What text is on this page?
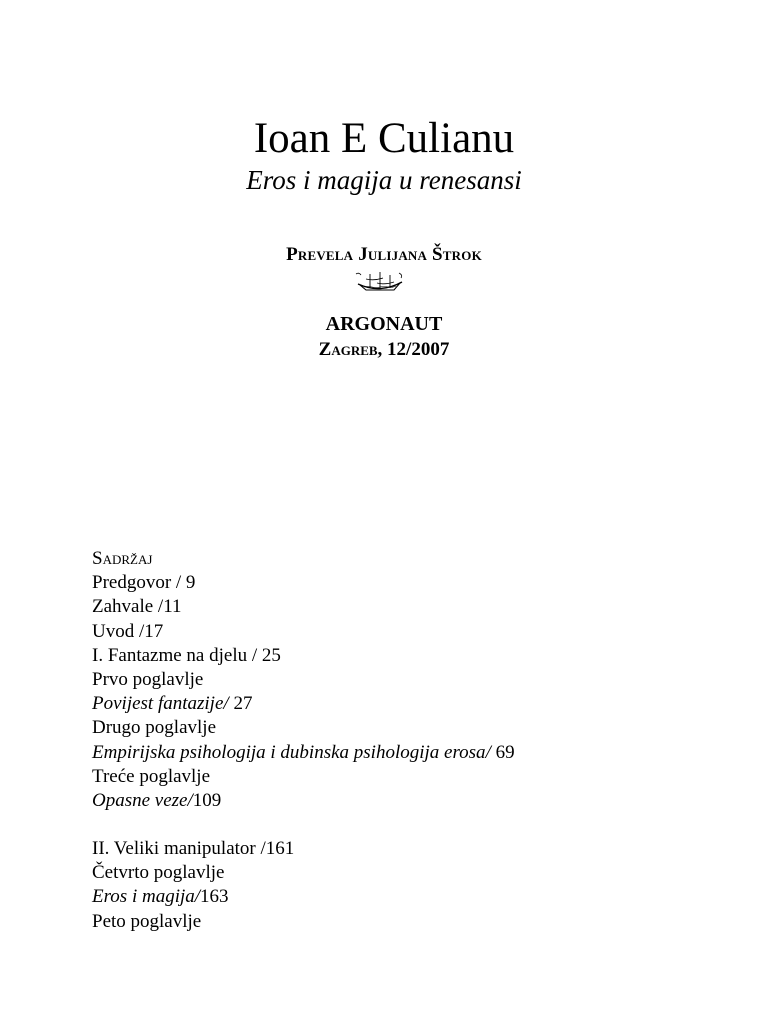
Ioan E Culianu
Eros i magija u renesansi
Prevela Julijana Štrok
ARGONAUT
Zagreb, 12/2007
Sadržaj
Predgovor / 9
Zahvale /11
Uvod /17
I. Fantazme na djelu / 25
Prvo poglavlje
Povijest fantazije/ 27
Drugo poglavlje
Empirijska psihologija i dubinska psihologija erosa/ 69
Treće poglavlje
Opasne veze/109
II. Veliki manipulator /161
Četvrto poglavlje
Eros i magija/163
Peto poglavlje
